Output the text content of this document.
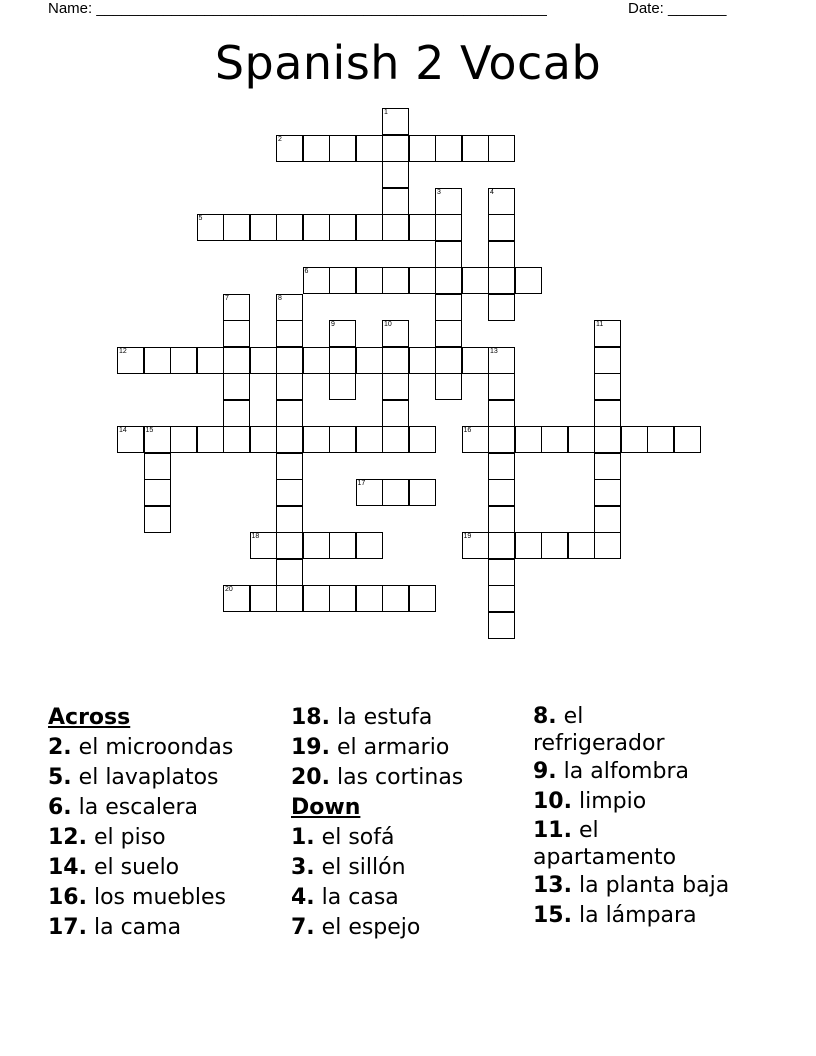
Name: ______________________________________________________	Date: _______
Spanish 2 Vocab
1
2
3	4
5
6
7	8
9	10	11
12	13
14	15	16
17
18	19
20

Across

2. el microondas

5. el lavaplatos

6. la escalera

12. el piso

14. el suelo

16. los muebles

17. la cama

18. la estufa

19. el armario

20. las cortinas

Down

1. el sofá

3. el sillón

4. la casa

7. el espejo

8. el refrigerador

9. la alfombra

10. limpio

11. el apartamento

13. la planta baja

15. la lámpara
